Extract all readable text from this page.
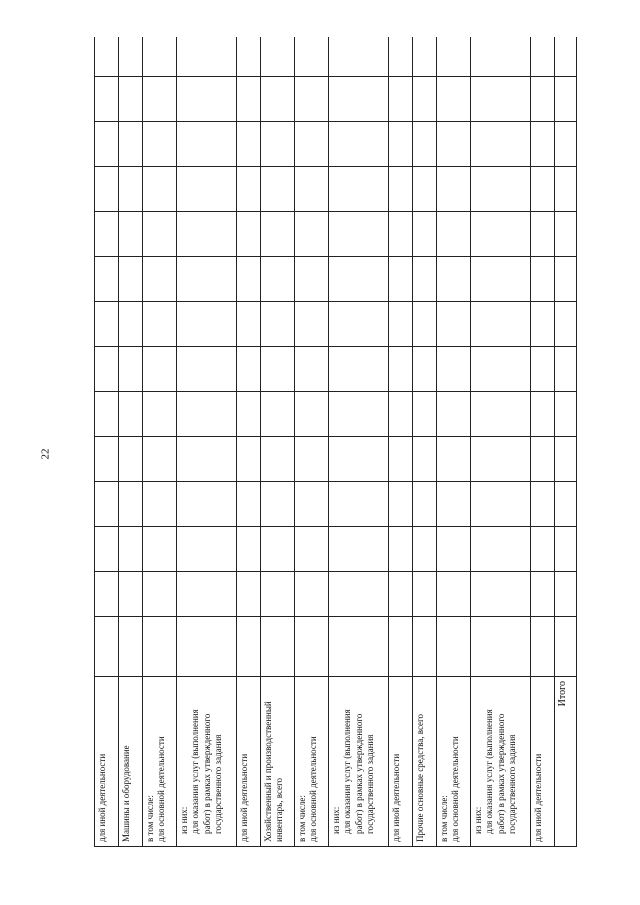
22
для иной деятельности															
Машины и оборудование															
в том числе:
для основной деятельности															
из них:
для оказания услуг (выполнения
работ) в рамках утвержденного
государственного задания															
для иной деятельности															
Хозяйственный и производственный
инвентарь, всего															
в том числе:
для основной деятельности															
из них:
для оказания услуг (выполнения
работ) в рамках утвержденного
государственного задания															
для иной деятельности															
Прочие основные средства, всего															
в том числе:
для основной деятельности															
из них:
для оказания услуг (выполнения
работ) в рамках утвержденного
государственного задания															
для иной деятельности															
Итого															
